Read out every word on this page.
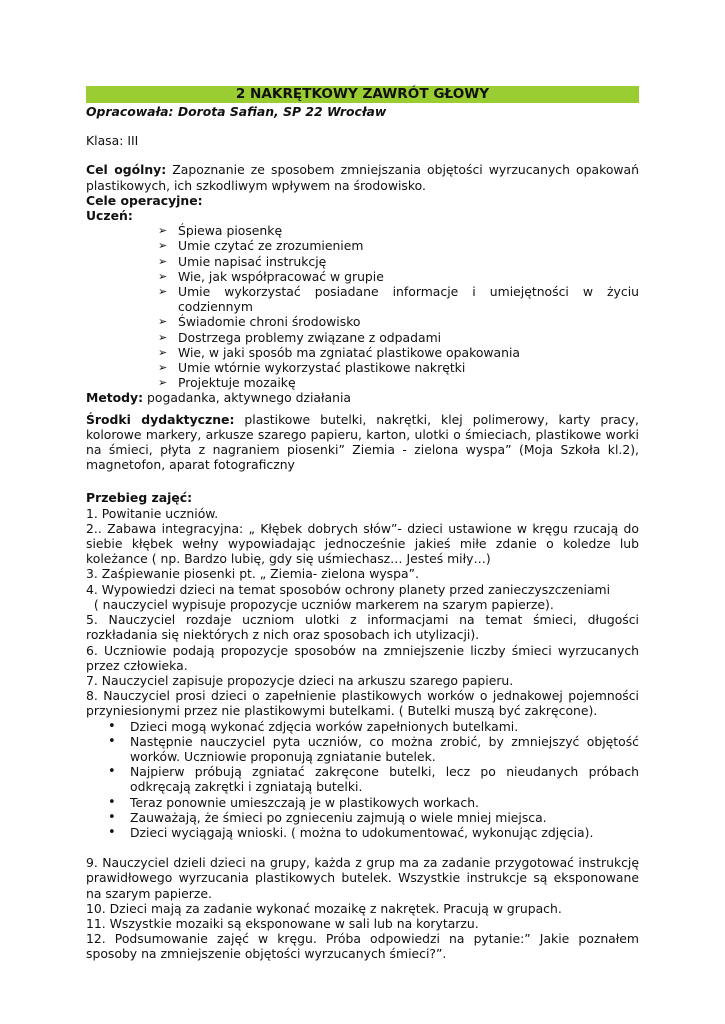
2 NAKRĘTKOWY ZAWRÓT GŁOWY
Opracowała: Dorota Safian, SP 22 Wrocław
Klasa: III
Cel ogólny: Zapoznanie ze sposobem zmniejszania objętości wyrzucanych opakowań plastikowych, ich szkodliwym wpływem na środowisko.
Cele operacyjne:
Uczeń:
➢ Śpiewa piosenkę
➢ Umie czytać ze zrozumieniem
➢ Umie napisać instrukcję
➢ Wie, jak współpracować w grupie
➢ Umie wykorzystać posiadane informacje i umiejętności w życiu codziennym
➢ Świadomie chroni środowisko
➢ Dostrzega problemy związane z odpadami
➢ Wie, w jaki sposób ma zgniatać plastikowe opakowania
➢ Umie wtórnie wykorzystać plastikowe nakrętki
➢ Projektuje mozaikę
Metody: pogadanka, aktywnego działania
Środki dydaktyczne: plastikowe butelki, nakrętki, klej polimerowy, karty pracy, kolorowe markery, arkusze szarego papieru, karton, ulotki o śmieciach, plastikowe worki na śmieci, płyta z nagraniem piosenki” Ziemia - zielona wyspa” (Moja Szkoła kl.2), magnetofon, aparat fotograficzny
Przebieg zajęć:
1. Powitanie uczniów.
2.. Zabawa integracyjna: „ Kłębek dobrych słów”- dzieci ustawione w kręgu rzucają do siebie kłębek wełny wypowiadając jednocześnie jakieś miłe zdanie o koledze lub koleżance ( np. Bardzo lubię, gdy się uśmiechasz… Jesteś miły…)
3. Zaśpiewanie piosenki pt. „ Ziemia- zielona wyspa”.
4. Wypowiedzi dzieci na temat sposobów ochrony planety przed zanieczyszczeniami
( nauczyciel wypisuje propozycje uczniów markerem na szarym papierze).
5. Nauczyciel rozdaje uczniom ulotki z informacjami na temat śmieci, długości rozkładania się niektórych z nich oraz sposobach ich utylizacji).
6. Uczniowie podają propozycje sposobów na zmniejszenie liczby śmieci wyrzucanych przez człowieka.
7. Nauczyciel zapisuje propozycje dzieci na arkuszu szarego papieru.
8. Nauczyciel prosi dzieci o zapełnienie plastikowych worków o jednakowej pojemności przyniesionymi przez nie plastikowymi butelkami. ( Butelki muszą być zakręcone).
• Dzieci mogą wykonać zdjęcia worków zapełnionych butelkami.
• Następnie nauczyciel pyta uczniów, co można zrobić, by zmniejszyć objętość worków. Uczniowie proponują zgniatanie butelek.
• Najpierw próbują zgniatać zakręcone butelki, lecz po nieudanych próbach odkręcają zakrętki i zgniatają butelki.
• Teraz ponownie umieszczają je w plastikowych workach.
• Zauważają, że śmieci po zgnieceniu zajmują o wiele mniej miejsca.
• Dzieci wyciągają wnioski. ( można to udokumentować, wykonując zdjęcia).
9. Nauczyciel dzieli dzieci na grupy, każda z grup ma za zadanie przygotować instrukcję prawidłowego wyrzucania plastikowych butelek. Wszystkie instrukcje są eksponowane na szarym papierze.
10. Dzieci mają za zadanie wykonać mozaikę z nakrętek. Pracują w grupach.
11. Wszystkie mozaiki są eksponowane w sali lub na korytarzu.
12. Podsumowanie zajęć w kręgu. Próba odpowiedzi na pytanie:” Jakie poznałem sposoby na zmniejszenie objętości wyrzucanych śmieci?”.
